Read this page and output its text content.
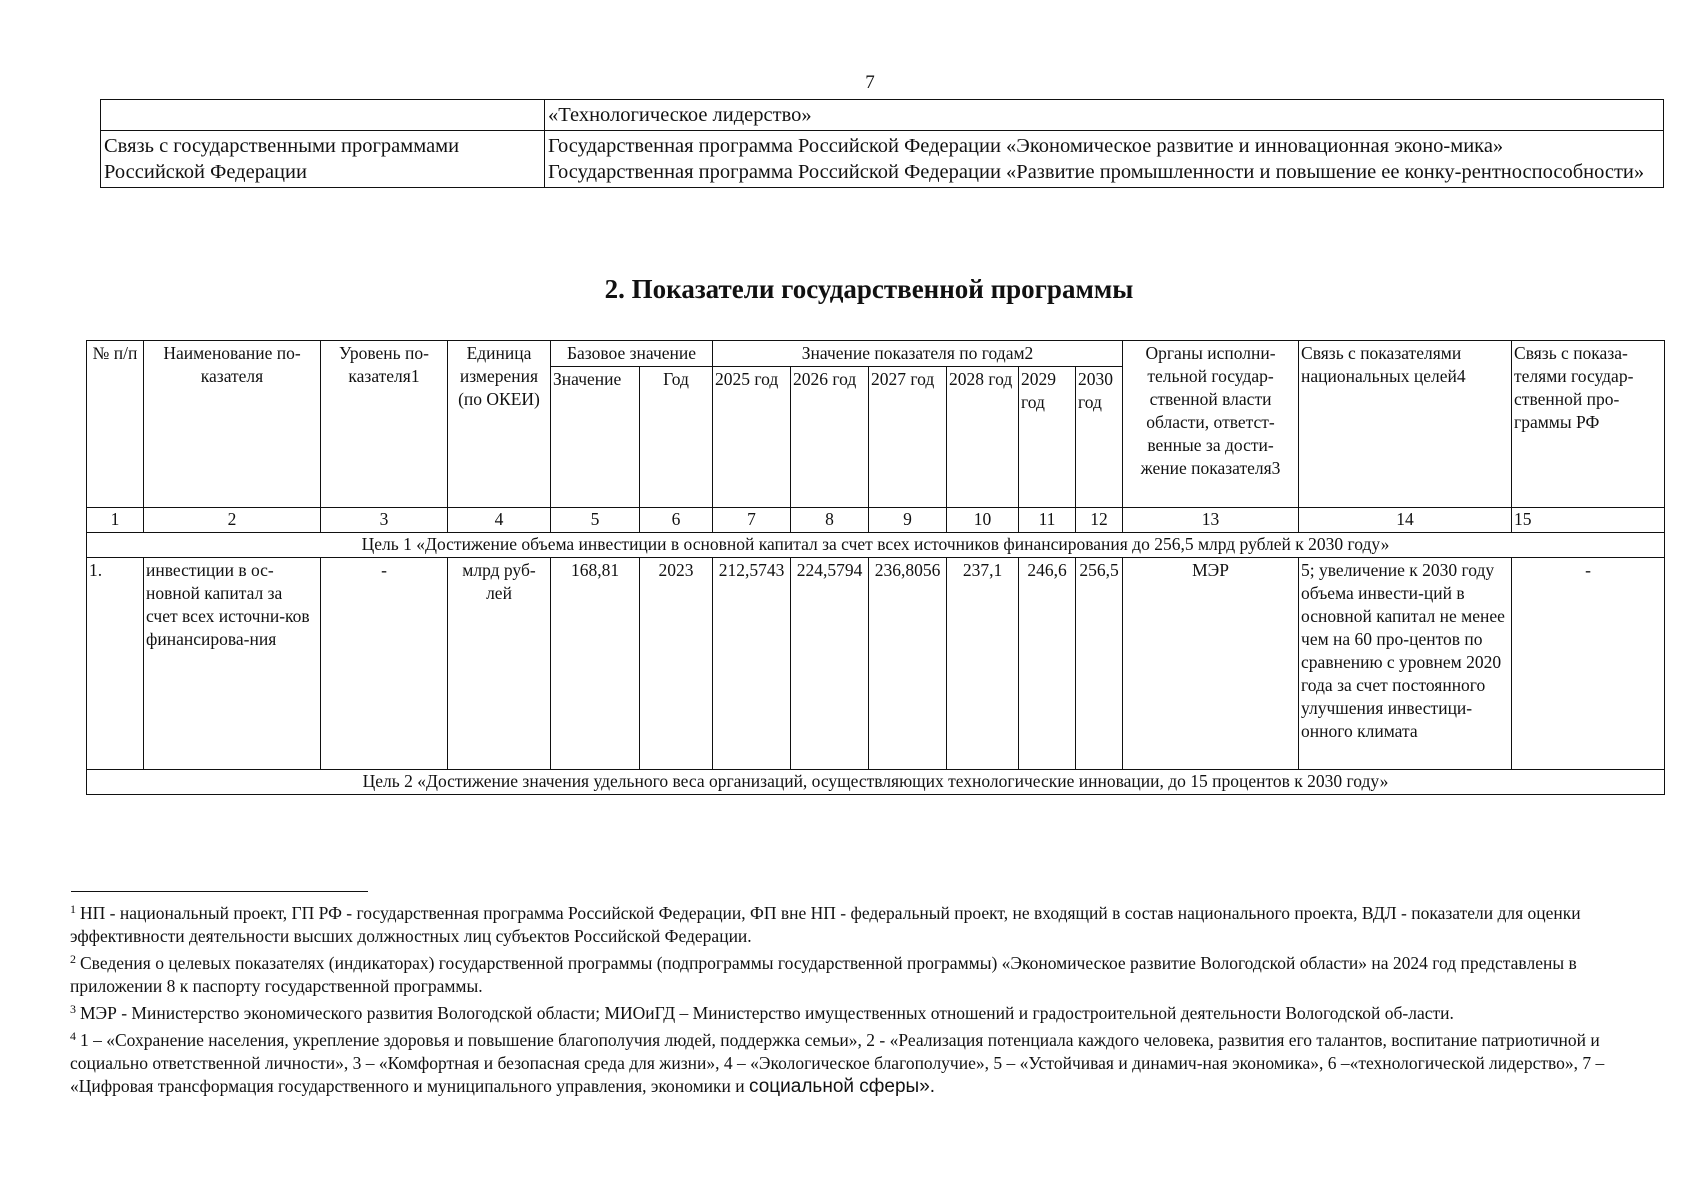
7
	«Технологическое лидерство»
Связь с государственными программами Российской Федерации	Государственная программа Российской Федерации «Экономическое развитие и инновационная эконо-мика»
Государственная программа Российской Федерации «Развитие промышленности и повышение ее конку-рентноспособности»
2. Показатели государственной программы
№ п/п	Наименование по-казателя	Уровень по-казателя1	Единица измерения (по ОКЕИ)	Базовое значение		Значение показателя по годам2						Органы исполни-тельной государ-ственной власти области, ответст-венные за дости-жение показателя3	Связь с показателями национальных целей4	Связь с показа-телями государ-ственной про-граммы РФ
				Значение	Год	2025 год	2026 год	2027 год	2028 год	2029 год	2030 год			
1	2	3	4	5	6	7	8	9	10	11	12	13	14	15
Цель 1 «Достижение объема инвестиции в основной капитал за счет всех источников финансирования до 256,5 млрд рублей к 2030 году»														
1.	инвестиции в ос-новной капитал за счет всех источни-ков финансирова-ния	-	млрд руб-лей	168,81	2023	212,5743	224,5794	236,8056	237,1	246,6	256,5	МЭР	5; увеличение к 2030 году объема инвести-ций в основной капитал не менее чем на 60 про-центов по сравнению с уровнем 2020 года за счет постоянного улучшения инвестици-онного климата	-
Цель 2 «Достижение значения удельного веса организаций, осуществляющих технологические инновации, до 15 процентов к 2030 году»														

$^1$ НП - национальный проект, ГП РФ - государственная программа Российской Федерации, ФП вне НП - федеральный проект, не входящий в состав национального проекта, ВДЛ - показатели для оценки эффективности деятельности высших должностных лиц субъектов Российской Федерации.

$^2$ Сведения о целевых показателях (индикаторах) государственной программы (подпрограммы государственной программы) «Экономическое развитие Вологодской области» на 2024 год представлены в приложении 8 к паспорту государственной программы.

$^3$ МЭР - Министерство экономического развития Вологодской области; МИОиГД – Министерство имущественных отношений и градостроительной деятельности Вологодской об-ласти.

$^4$ 1 – «Сохранение населения, укрепление здоровья и повышение благополучия людей, поддержка семьи», 2 - «Реализация потенциала каждого человека, развития его талантов, воспитание патриотичной и социально ответственной личности», 3 – «Комфортная и безопасная среда для жизни», 4 – «Экологическое благополучие», 5 – «Устойчивая и динамич-ная экономика», 6 –«технологической лидерство», 7 – «Цифровая трансформация государственного и муниципального управления, экономики и социальной сферы».
